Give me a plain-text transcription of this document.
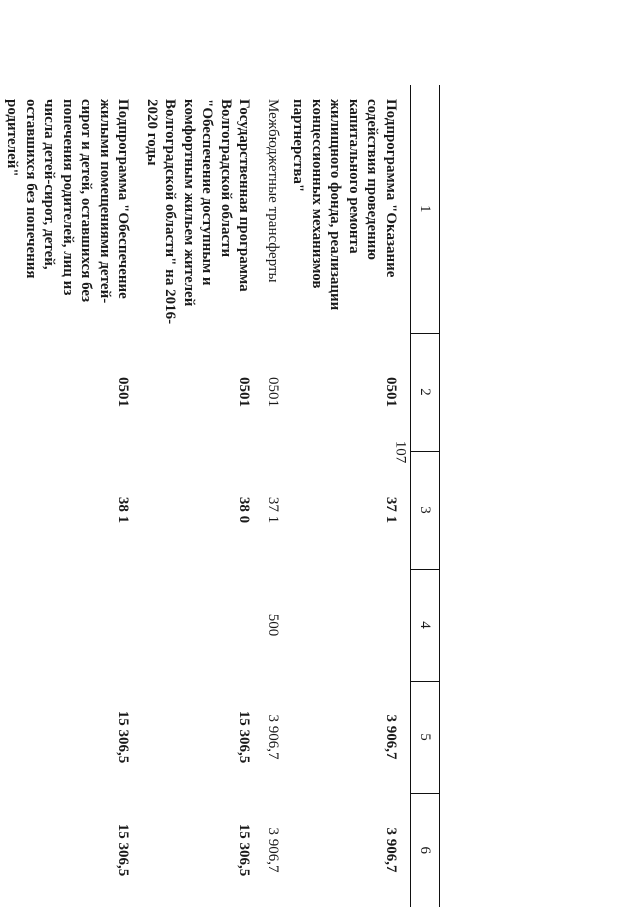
107
1	2	3	4	5	6
Подпрограмма "Оказание содействия проведению капитального ремонта жилищного фонда, реализации концессионных механизмов партнерства"	0501	37 1		3 906,7	3 906,7
Межбюджетные трансферты	0501	37 1	500	3 906,7	3 906,7
Государственная программа Волгоградской области "Обеспечение доступным и комфортным жильем жителей Волгоградской области" на 2016-2020 годы	0501	38 0		15 306,5	15 306,5
Подпрограмма "Обеспечение жилыми помещениями детей-сирот и детей, оставшихся без попечения родителей, лиц из числа детей-сирот, детей, оставшихся без попечения родителей"	0501	38 1		15 306,5	15 306,5
